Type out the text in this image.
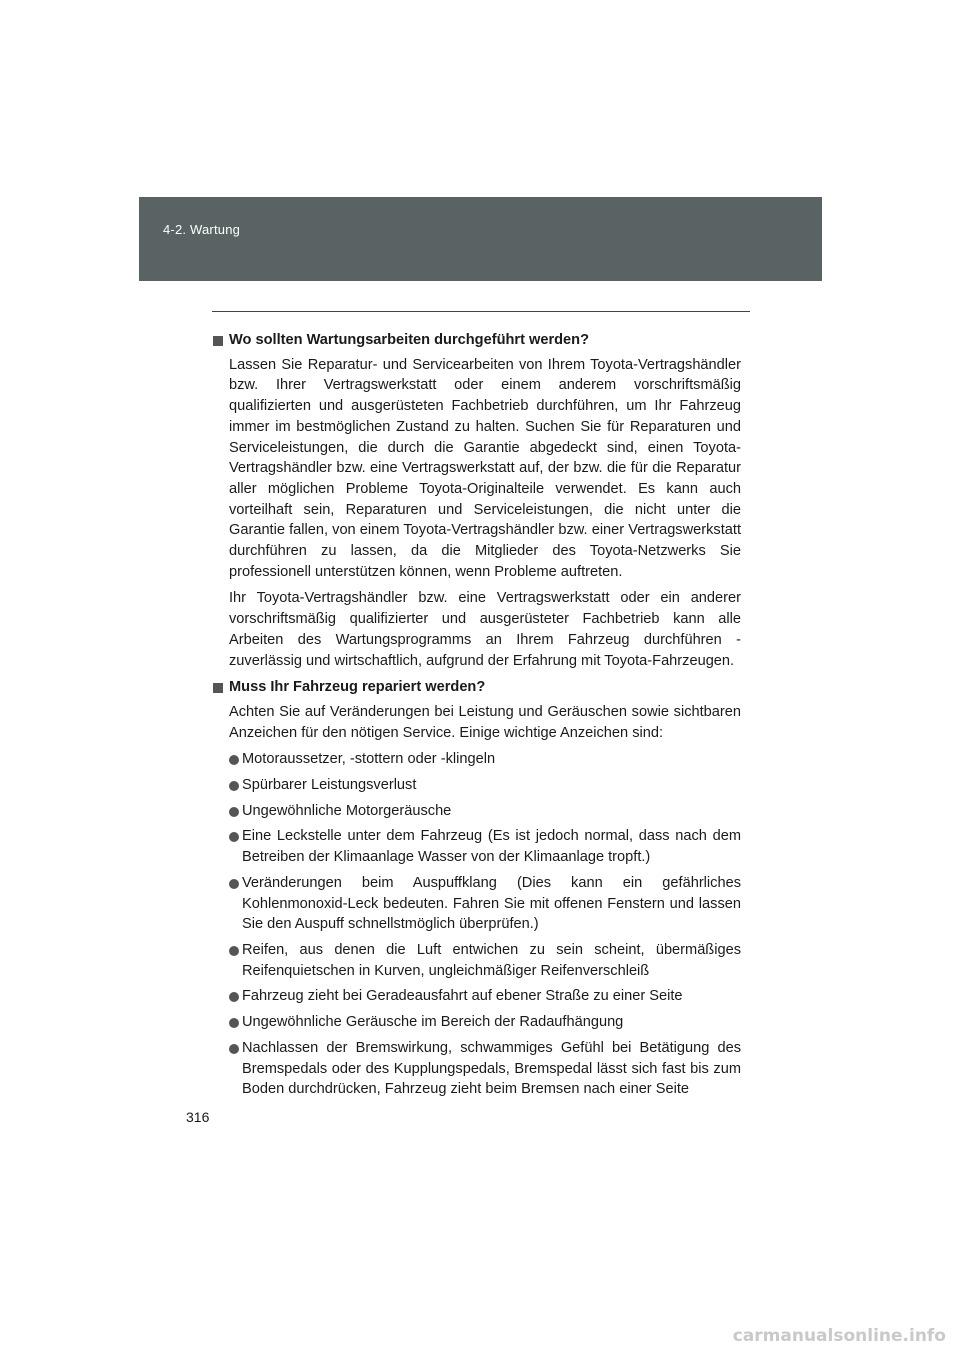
4-2. Wartung
Wo sollten Wartungsarbeiten durchgeführt werden?
Lassen Sie Reparatur- und Servicearbeiten von Ihrem Toyota-Vertragshändler bzw. Ihrer Vertragswerkstatt oder einem anderem vorschriftsmäßig qualifizierten und ausgerüsteten Fachbetrieb durchführen, um Ihr Fahrzeug immer im bestmöglichen Zustand zu halten. Suchen Sie für Reparaturen und Serviceleistungen, die durch die Garantie abgedeckt sind, einen Toyota-Vertragshändler bzw. eine Vertragswerkstatt auf, der bzw. die für die Reparatur aller möglichen Probleme Toyota-Originalteile verwendet. Es kann auch vorteilhaft sein, Reparaturen und Serviceleistungen, die nicht unter die Garantie fallen, von einem Toyota-Vertragshändler bzw. einer Vertragswerkstatt durchführen zu lassen, da die Mitglieder des Toyota-Netzwerks Sie professionell unterstützen können, wenn Probleme auftreten.
Ihr Toyota-Vertragshändler bzw. eine Vertragswerkstatt oder ein anderer vorschriftsmäßig qualifizierter und ausgerüsteter Fachbetrieb kann alle Arbeiten des Wartungsprogramms an Ihrem Fahrzeug durchführen - zuverlässig und wirtschaftlich, aufgrund der Erfahrung mit Toyota-Fahrzeugen.
Muss Ihr Fahrzeug repariert werden?
Achten Sie auf Veränderungen bei Leistung und Geräuschen sowie sichtbaren Anzeichen für den nötigen Service. Einige wichtige Anzeichen sind:
Motoraussetzer, -stottern oder -klingeln
Spürbarer Leistungsverlust
Ungewöhnliche Motorgeräusche
Eine Leckstelle unter dem Fahrzeug (Es ist jedoch normal, dass nach dem Betreiben der Klimaanlage Wasser von der Klimaanlage tropft.)
Veränderungen beim Auspuffklang (Dies kann ein gefährliches Kohlenmonoxid-Leck bedeuten. Fahren Sie mit offenen Fenstern und lassen Sie den Auspuff schnellstmöglich überprüfen.)
Reifen, aus denen die Luft entwichen zu sein scheint, übermäßiges Reifenquietschen in Kurven, ungleichmäßiger Reifenverschleiß
Fahrzeug zieht bei Geradeausfahrt auf ebener Straße zu einer Seite
Ungewöhnliche Geräusche im Bereich der Radaufhängung
Nachlassen der Bremswirkung, schwammiges Gefühl bei Betätigung des Bremspedals oder des Kupplungspedals, Bremspedal lässt sich fast bis zum Boden durchdrücken, Fahrzeug zieht beim Bremsen nach einer Seite
316
carmanualsonline.info
